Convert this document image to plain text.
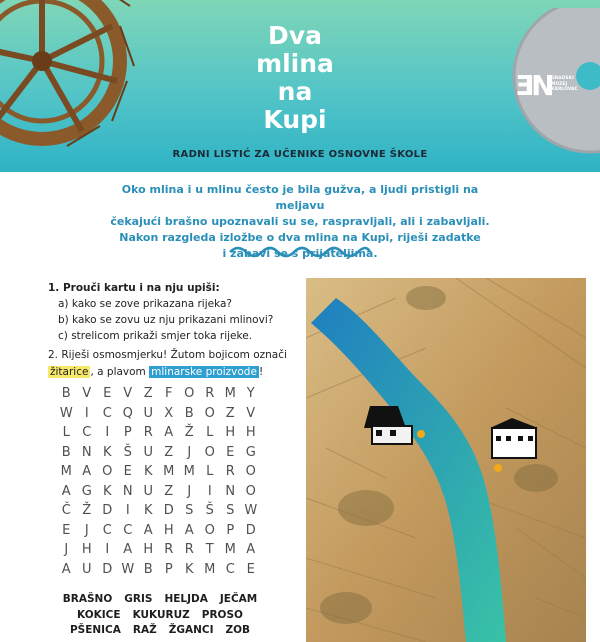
Dva
mlina
na
Kupi
ƎN GRADSKI
MUZEJ
KARLOVAC
RADNI LISTIĆ ZA UČENIKE OSNOVNE ŠKOLE

Oko mlina i u mlinu često je bila gužva, a ljudi pristigli na meljavu

čekajući brašno upoznavali su se, raspravljali, ali i zabavljali.

Nakon razgleda izložbe o dva mlina na Kupi, riješi zadatke

i zabavi se s prijateljima.

1. Prouči kartu i na nju upiši:
a) kako se zove prikazana rijeka?
b) kako se zovu uz nju prikazani mlinovi?
c) strelicom prikaži smjer toka rijeke.
2. Riješi osmosmjerku! Žutom bojicom označi
žitarice , a plavom mlinarske proizvode !
B V E V Z F O R M Y
W I	C Q U X B O Z V
L C	I	P R A Ž L H H
B N K Š U Z	J	O E G
M A O E K M M L R O
A G K N U Z	J	I	N O
Č Ž D	I	K D S Š S W
E	J	C C A H A O P D
J	H	I	A H R R T M A
A U D W B P K M C E
BRAŠNO GRIS HELJDA JEČAM
KOKICE KUKURUZ PROSO
PŠENICA RAŽ ŽGANCI ZOB
